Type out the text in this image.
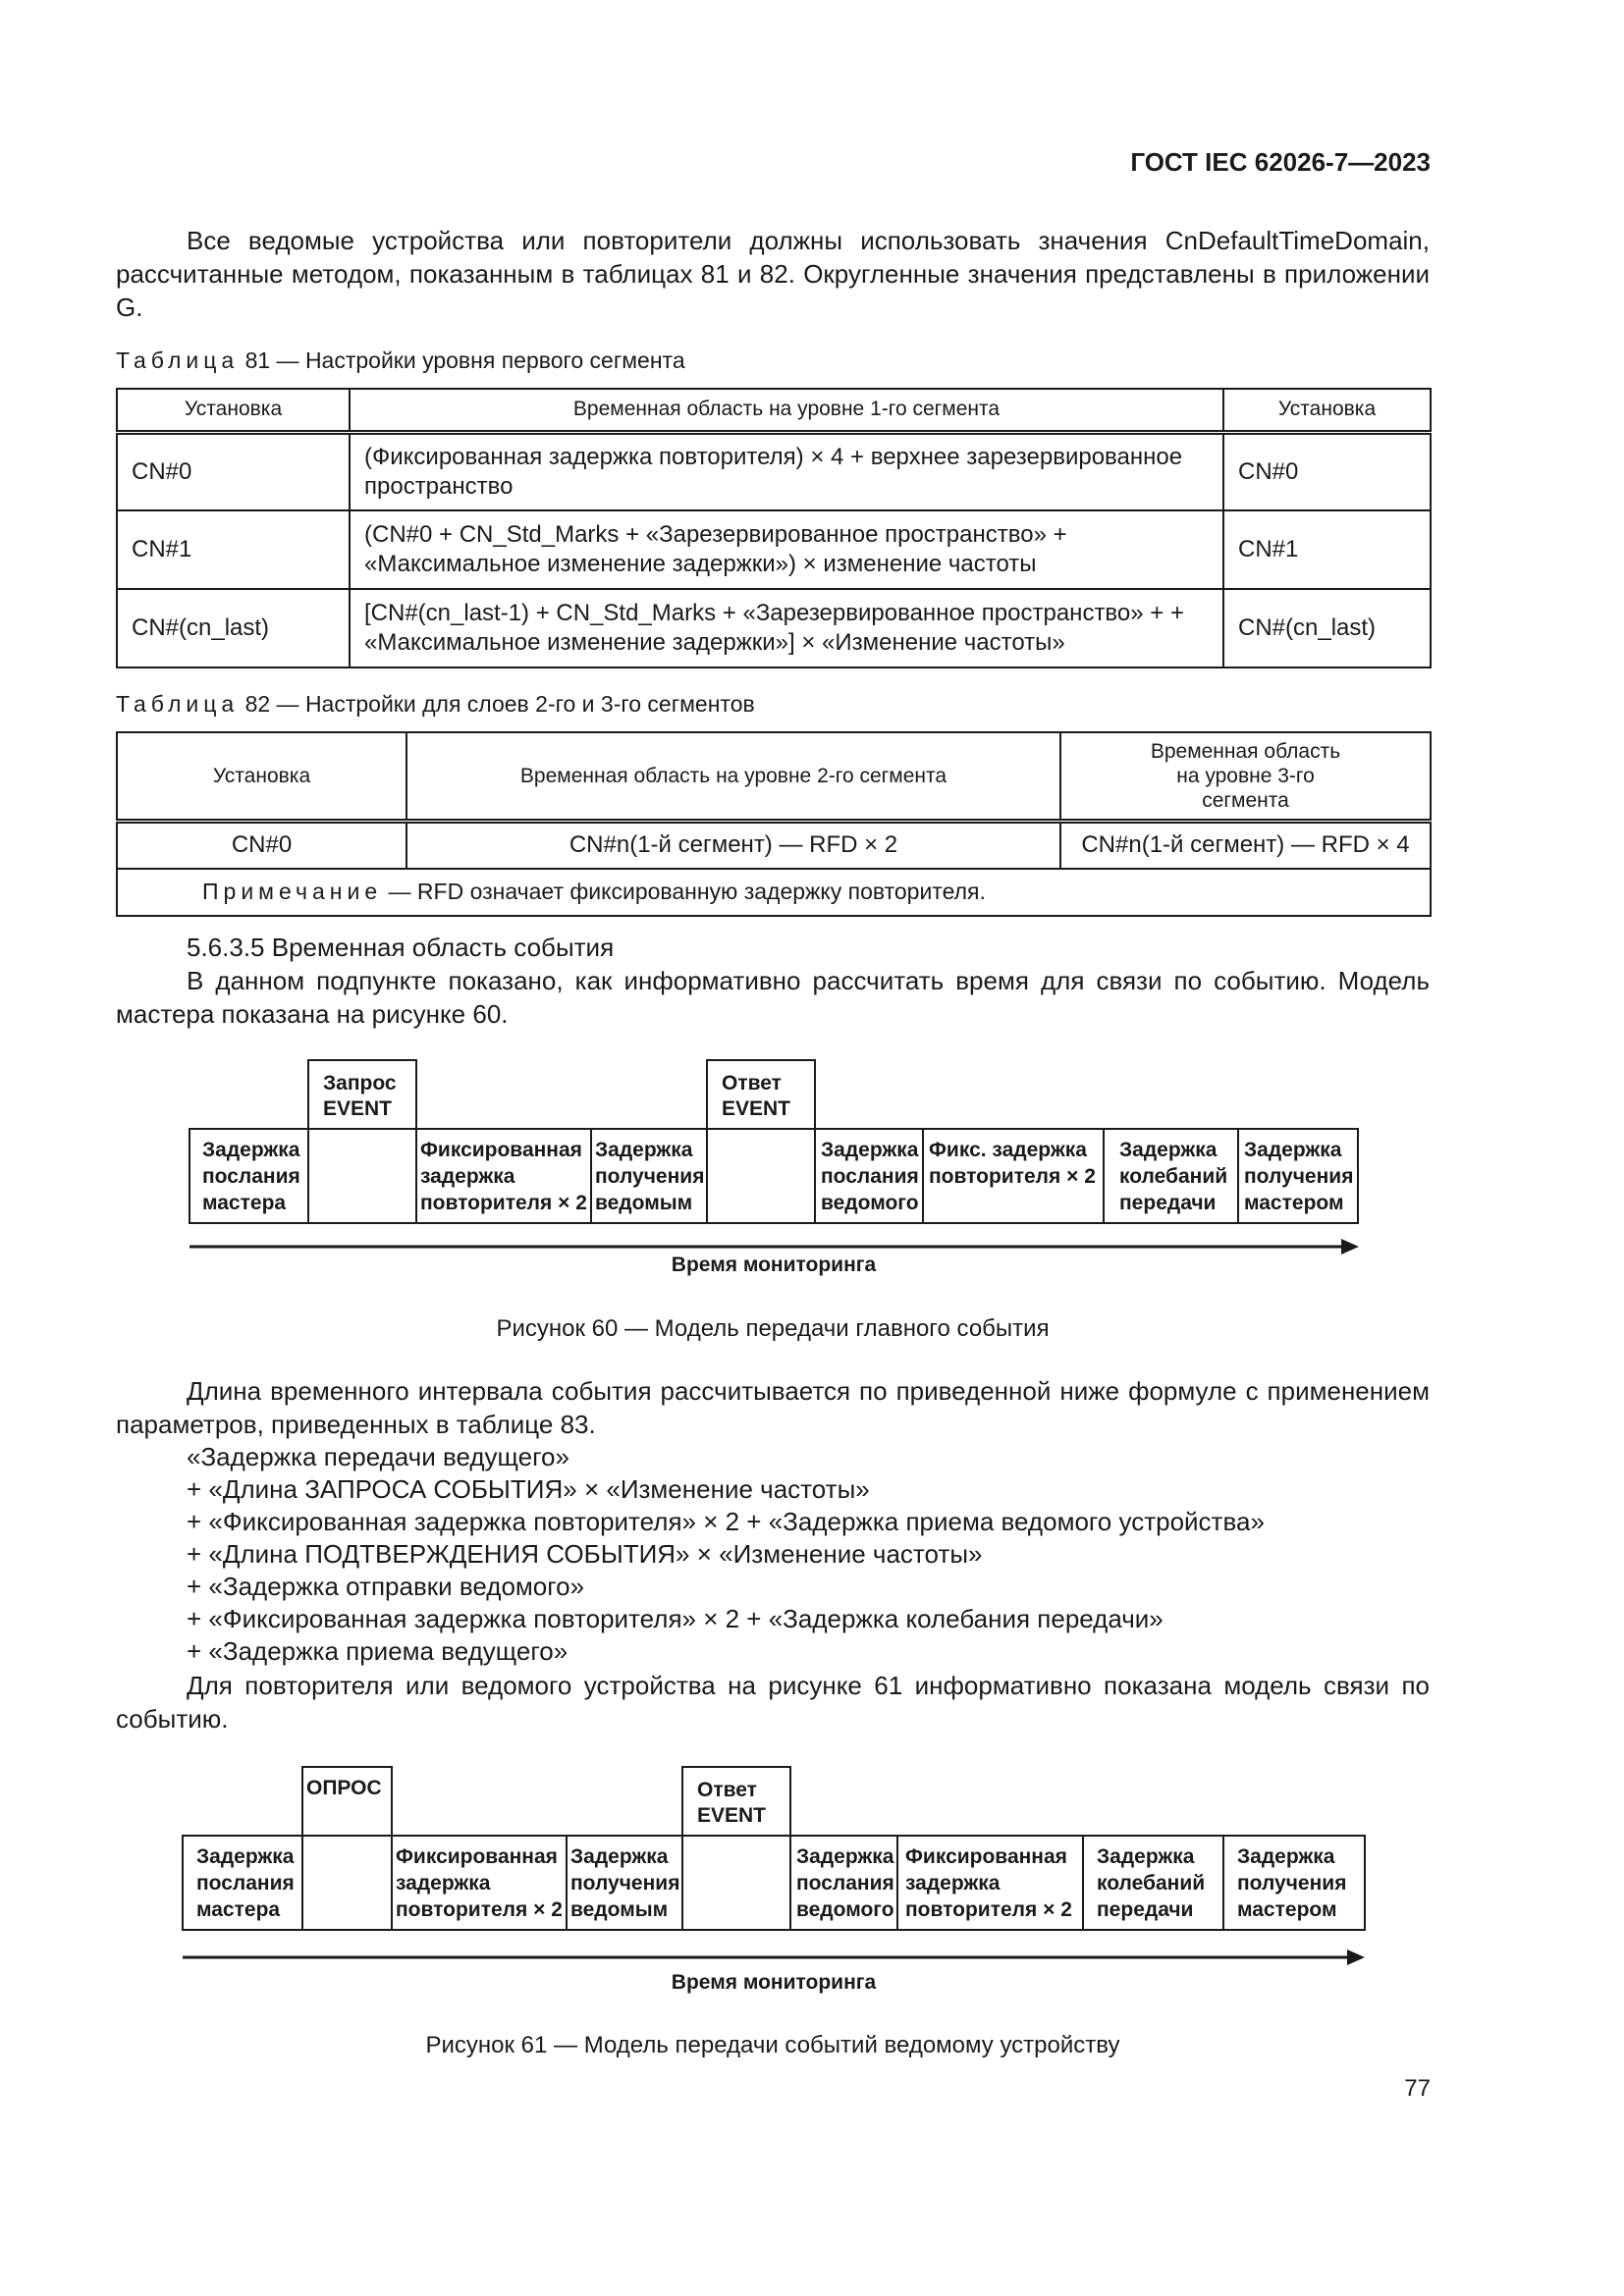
ГОСТ IEC 62026-7—2023
Все ведомые устройства или повторители должны использовать значения CnDefaultTimeDomain, рассчитанные методом, показанным в таблицах 81 и 82. Округленные значения представлены в приложении G.
Таблица 81 — Настройки уровня первого сегмента
Установка	Временная область на уровне 1-го сегмента	Установка
CN#0	(Фиксированная задержка повторителя) × 4 + верхнее зарезервированное пространство	CN#0
CN#1	(CN#0 + CN_Std_Marks + «Зарезервированное пространство» + «Максимальное изменение задержки») × изменение частоты	CN#1
CN#(cn_last)	[CN#(cn_last-1) + CN_Std_Marks + «Зарезервированное пространство» + + «Максимальное изменение задержки»] × «Изменение частоты»	CN#(cn_last)
Таблица 82 — Настройки для слоев 2-го и 3-го сегментов
Установка	Временная область на уровне 2-го сегмента	Временная область на уровне 3-го сегмента
CN#0	CN#n(1-й сегмент) — RFD × 2	CN#n(1-й сегмент) — RFD × 4
Примечание — RFD означает фиксированную задержку повторителя.		
5.6.3.5 Временная область события
В данном подпункте показано, как информативно рассчитать время для связи по событию. Модель мастера показана на рисунке 60.
Запрос EVENT
Ответ EVENT
Задержка послания мастера
Фиксированная задержка повторителя × 2
Задержка получения ведомым
Задержка послания ведомого
Фикс. задержка повторителя × 2
Задержка колебаний передачи
Задержка получения мастером
Время мониторинга
Рисунок 60 — Модель передачи главного события
Длина временного интервала события рассчитывается по приведенной ниже формуле с применением параметров, приведенных в таблице 83.
«Задержка передачи ведущего»
+ «Длина ЗАПРОСА СОБЫТИЯ» × «Изменение частоты»
+ «Фиксированная задержка повторителя» × 2 + «Задержка приема ведомого устройства»
+ «Длина ПОДТВЕРЖДЕНИЯ СОБЫТИЯ» × «Изменение частоты»
+ «Задержка отправки ведомого»
+ «Фиксированная задержка повторителя» × 2 + «Задержка колебания передачи»
+ «Задержка приема ведущего»
Для повторителя или ведомого устройства на рисунке 61 информативно показана модель связи по событию.
ОПРОС	Ответ EVENT
Задержка послания мастера
Фиксированная задержка повторителя × 2
Задержка получения ведомым
Задержка послания ведомого
Фиксированная задержка повторителя × 2
Задержка колебаний передачи
Задержка получения мастером
Время мониторинга
Рисунок 61 — Модель передачи событий ведомому устройству
77
